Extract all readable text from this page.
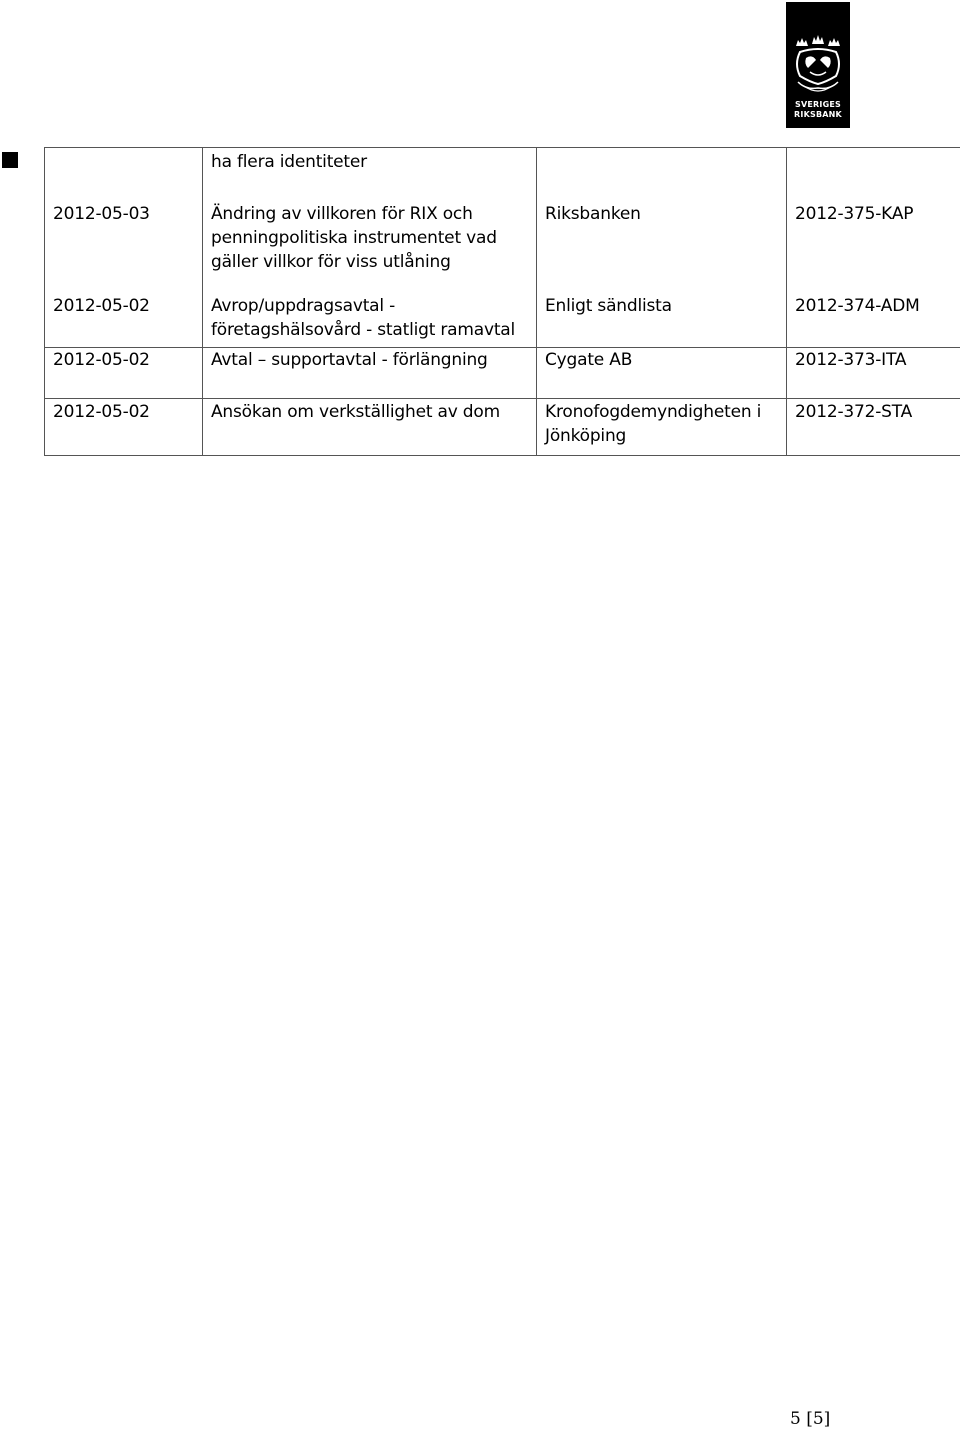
SVERIGES
RIKSBANK
	ha flera identiteter		
2012-05-03	Ändring av villkoren för RIX och penningpolitiska instrumentet vad gäller villkor för viss utlåning	Riksbanken	2012-375-KAP
2012-05-02	Avrop/uppdragsavtal - företagshälsovård - statligt ramavtal	Enligt sändlista	2012-374-ADM
2012-05-02	Avtal – supportavtal - förlängning	Cygate AB	2012-373-ITA
2012-05-02	Ansökan om verkställighet av dom	Kronofogdemyndigheten i Jönköping	2012-372-STA
5 [5]
